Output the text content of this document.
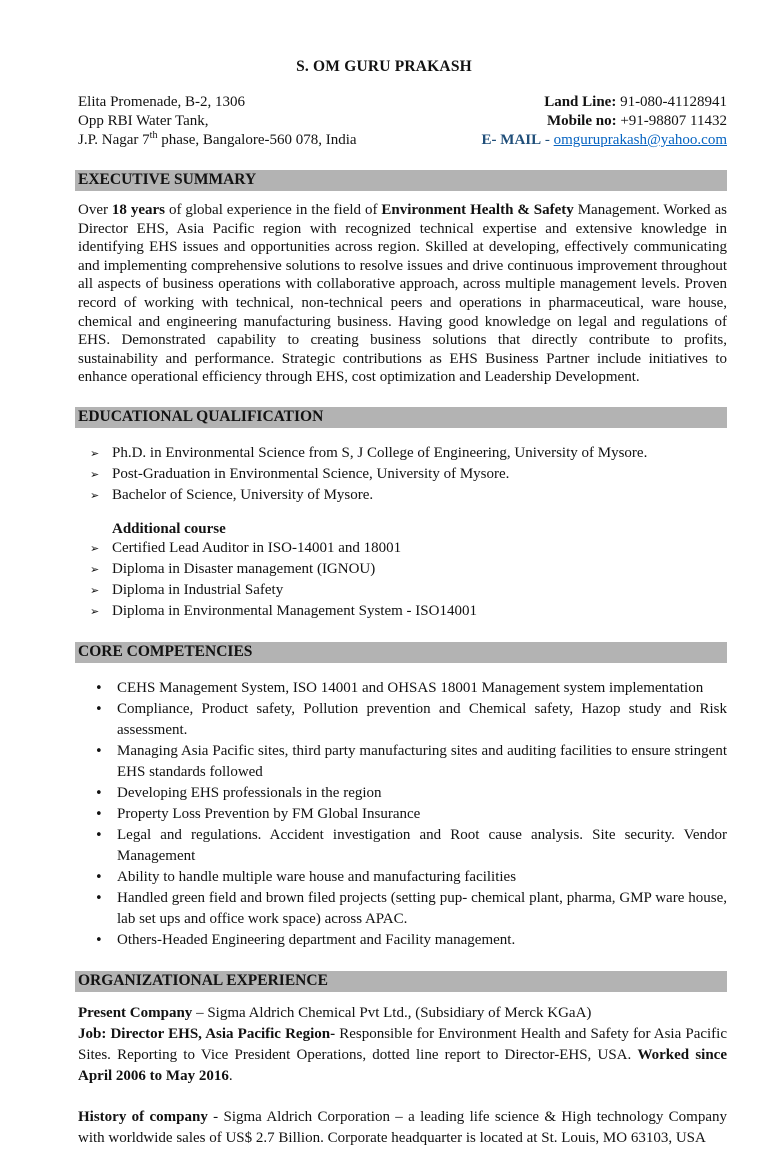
S. OM GURU PRAKASH
Elita Promenade, B-2, 1306
Opp RBI Water Tank,
J.P. Nagar 7th phase, Bangalore-560 078, India
Land Line: 91-080-41128941
Mobile no: +91-98807 11432
E- MAIL - omguruprakash@yahoo.com
EXECUTIVE SUMMARY

Over 18 years of global experience in the field of Environment Health & Safety Management. Worked as Director EHS, Asia Pacific region with recognized technical expertise and extensive knowledge in identifying EHS issues and opportunities across region. Skilled at developing, effectively communicating and implementing comprehensive solutions to resolve issues and drive continuous improvement throughout all aspects of business operations with collaborative approach, across multiple management levels. Proven record of working with technical, non-technical peers and operations in pharmaceutical, ware house, chemical and engineering manufacturing business. Having good knowledge on legal and regulations of EHS. Demonstrated capability to creating business solutions that directly contribute to profits, sustainability and performance. Strategic contributions as EHS Business Partner include initiatives to enhance operational efficiency through EHS, cost optimization and Leadership Development.

EDUCATIONAL QUALIFICATION
➢ Ph.D. in Environmental Science from S, J College of Engineering, University of Mysore.
➢ Post-Graduation in Environmental Science, University of Mysore.
➢ Bachelor of Science, University of Mysore.
Additional course
➢ Certified Lead Auditor in ISO-14001 and 18001
➢ Diploma in Disaster management (IGNOU)
➢ Diploma in Industrial Safety
➢ Diploma in Environmental Management System - ISO14001
CORE COMPETENCIES
• CEHS Management System, ISO 14001 and OHSAS 18001 Management system implementation
• Compliance, Product safety, Pollution prevention and Chemical safety, Hazop study and Risk assessment.
• Managing Asia Pacific sites, third party manufacturing sites and auditing facilities to ensure stringent EHS standards followed
• Developing EHS professionals in the region
• Property Loss Prevention by FM Global Insurance
• Legal and regulations. Accident investigation and Root cause analysis. Site security. Vendor Management
• Ability to handle multiple ware house and manufacturing facilities
• Handled green field and brown filed projects (setting pup- chemical plant, pharma, GMP ware house, lab set ups and office work space) across APAC.
• Others-Headed Engineering department and Facility management.
ORGANIZATIONAL EXPERIENCE

Present Company – Sigma Aldrich Chemical Pvt Ltd., (Subsidiary of Merck KGaA)

Job: Director EHS, Asia Pacific Region- Responsible for Environment Health and Safety for Asia Pacific Sites. Reporting to Vice President Operations, dotted line report to Director-EHS, USA. Worked since April 2006 to May 2016.

History of company - Sigma Aldrich Corporation – a leading life science & High technology Company with worldwide sales of US$ 2.7 Billion. Corporate headquarter is located at St. Louis, MO 63103, USA
